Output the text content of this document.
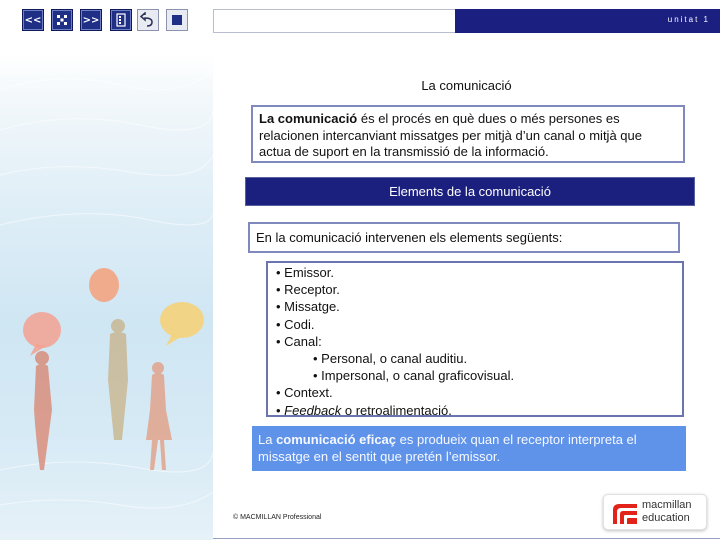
<<	>>	unitat 1
La comunicació
La comunicació és el procés en què dues o més persones es relacionen intercanviant missatges per mitjà d’un canal o mitjà que actua de suport en la transmissió de la informació.
Elements de la comunicació
En la comunicació intervenen els elements següents:
• Emissor.
• Receptor.
• Missatge.
• Codi.
• Canal:
• Personal, o canal auditiu.
• Impersonal, o canal graficovisual.
• Context.
• Feedback o retroalimentació.
La comunicació eficaç es produeix quan el receptor interpreta el missatge en el sentit que pretén l’emissor.
© MACMILLAN Professional
macmillan
education
